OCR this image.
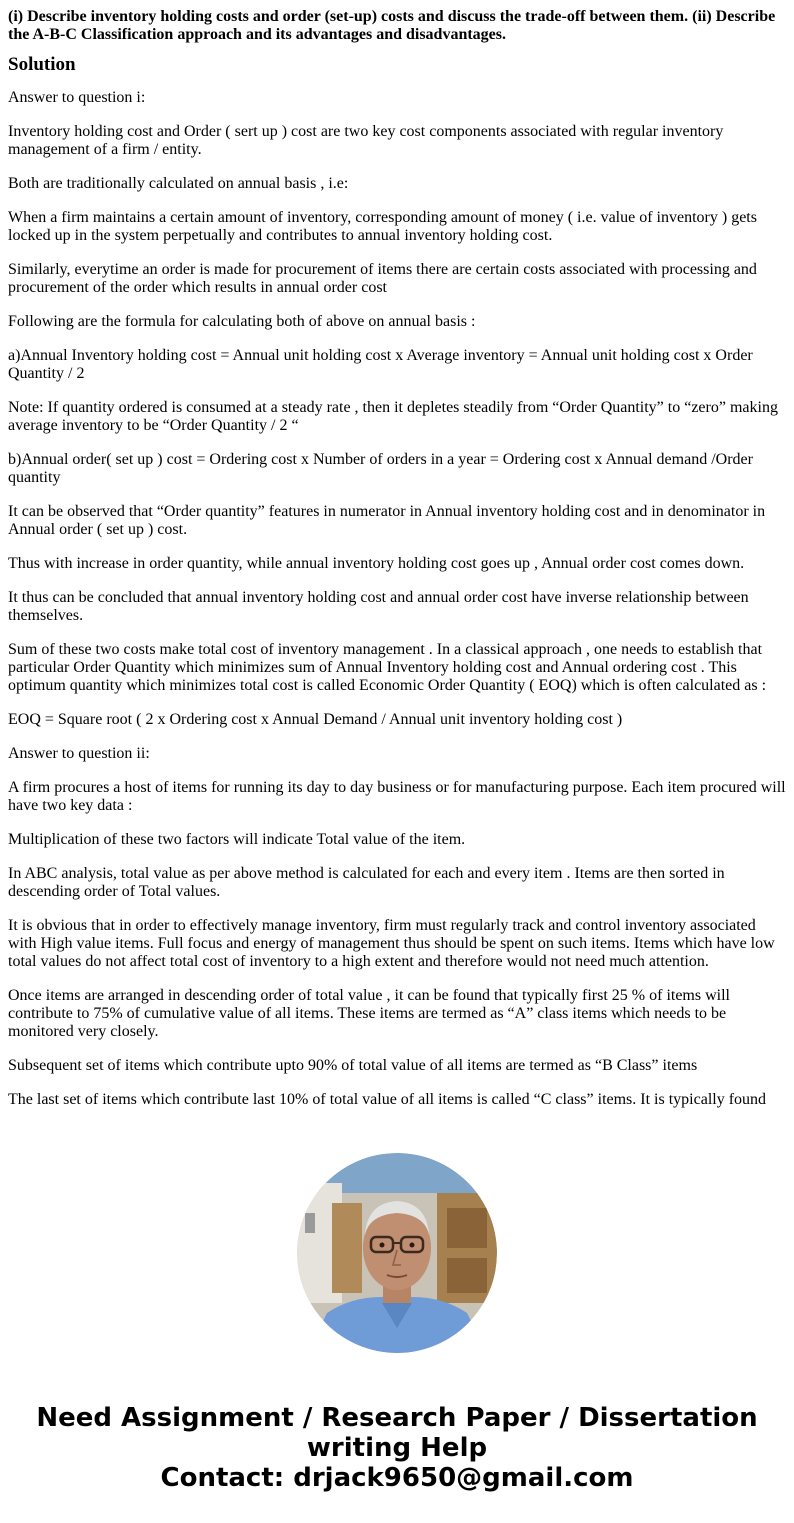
(i) Describe inventory holding costs and order (set-up) costs and discuss the trade-off between them. (ii) Describe the A-B-C Classification approach and its advantages and disadvantages.
Solution

Answer to question i:

Inventory holding cost and Order ( sert up ) cost are two key cost components associated with regular inventory management of a firm / entity.

Both are traditionally calculated on annual basis , i.e:

When a firm maintains a certain amount of inventory, corresponding amount of money ( i.e. value of inventory ) gets locked up in the system perpetually and contributes to annual inventory holding cost.

Similarly, everytime an order is made for procurement of items there are certain costs associated with processing and procurement of the order which results in annual order cost

Following are the formula for calculating both of above on annual basis :

a)Annual Inventory holding cost = Annual unit holding cost x Average inventory = Annual unit holding cost x Order Quantity / 2

Note: If quantity ordered is consumed at a steady rate , then it depletes steadily from “Order Quantity” to “zero” making average inventory to be “Order Quantity / 2 “

b)Annual order( set up ) cost = Ordering cost x Number of orders in a year = Ordering cost x Annual demand /Order quantity

It can be observed that “Order quantity” features in numerator in Annual inventory holding cost and in denominator in Annual order ( set up ) cost.

Thus with increase in order quantity, while annual inventory holding cost goes up , Annual order cost comes down.

It thus can be concluded that annual inventory holding cost and annual order cost have inverse relationship between themselves.

Sum of these two costs make total cost of inventory management . In a classical approach , one needs to establish that particular Order Quantity which minimizes sum of Annual Inventory holding cost and Annual ordering cost . This optimum quantity which minimizes total cost is called Economic Order Quantity ( EOQ) which is often calculated as :

EOQ = Square root ( 2 x Ordering cost x Annual Demand / Annual unit inventory holding cost )

Answer to question ii:

A firm procures a host of items for running its day to day business or for manufacturing purpose. Each item procured will have two key data :

Multiplication of these two factors will indicate Total value of the item.

In ABC analysis, total value as per above method is calculated for each and every item . Items are then sorted in descending order of Total values.

It is obvious that in order to effectively manage inventory, firm must regularly track and control inventory associated with High value items. Full focus and energy of management thus should be spent on such items. Items which have low total values do not affect total cost of inventory to a high extent and therefore would not need much attention.

Once items are arranged in descending order of total value , it can be found that typically first 25 % of items will contribute to 75% of cumulative value of all items. These items are termed as “A” class items which needs to be monitored very closely.

Subsequent set of items which contribute upto 90% of total value of all items are termed as “B Class” items

The last set of items which contribute last 10% of total value of all items is called “C class” items. It is typically found

Need Assignment / Research Paper / Dissertation
writing Help
Contact: drjack9650@gmail.com
